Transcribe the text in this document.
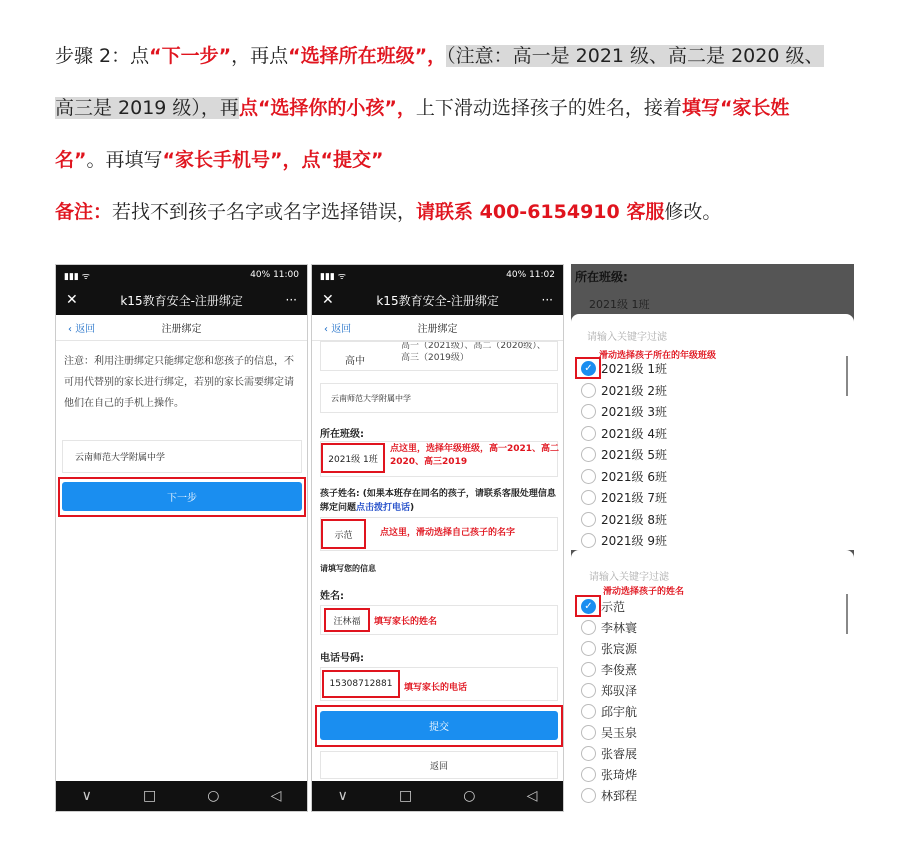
步骤 2：点“下一步”，再点“选择所在班级”，（注意：高一是 2021 级、高二是 2020 级、

高三是 2019 级），再点“选择你的小孩”，上下滑动选择孩子的姓名，接着填写“家长姓

名”。再填写“家长手机号”，点“提交”

备注：若找不到孩子名字或名字选择错误，请联系 400-6154910 客服修改。

▮▮▮ ᯤ	40% 11:00
✕	k15教育安全-注册绑定	···
‹ 返回	注册绑定
注意：利用注册绑定只能绑定您和您孩子的信息，不可用代替别的家长进行绑定，若别的家长需要绑定请他们在自己的手机上操作。
云南师范大学附属中学
下一步
∨	□	○	◁
▮▮▮ ᯤ	40% 11:02
✕	k15教育安全-注册绑定	···
‹ 返回	注册绑定
高中
高一（2021级）、高二（2020级）、高三（2019级）
云南师范大学附属中学
所在班级:
2021级 1班
点这里，选择年级班级，高一2021、高二2020、高三2019
孩子姓名: (如果本班存在同名的孩子，请联系客服处理信息绑定问题点击拨打电话)
示范	点这里，滑动选择自己孩子的名字
请填写您的信息
姓名:
汪林福 填写家长的姓名
电话号码:
15308712881 填写家长的电话
提交
返回
∨	□	○	◁
所在班级:
2021级 1班
请输入关键字过滤
滑动选择孩子所在的年级班级
✓ 2021级 1班
2021级 2班
2021级 3班
2021级 4班
2021级 5班
2021级 6班
2021级 7班
2021级 8班
2021级 9班
请输入关键字过滤
滑动选择孩子的姓名
✓ 示范
李林寰
张宸源
李俊熹
郑驭泽
邱宇航
吴玉泉
张睿展
张琦烨
林郅程
